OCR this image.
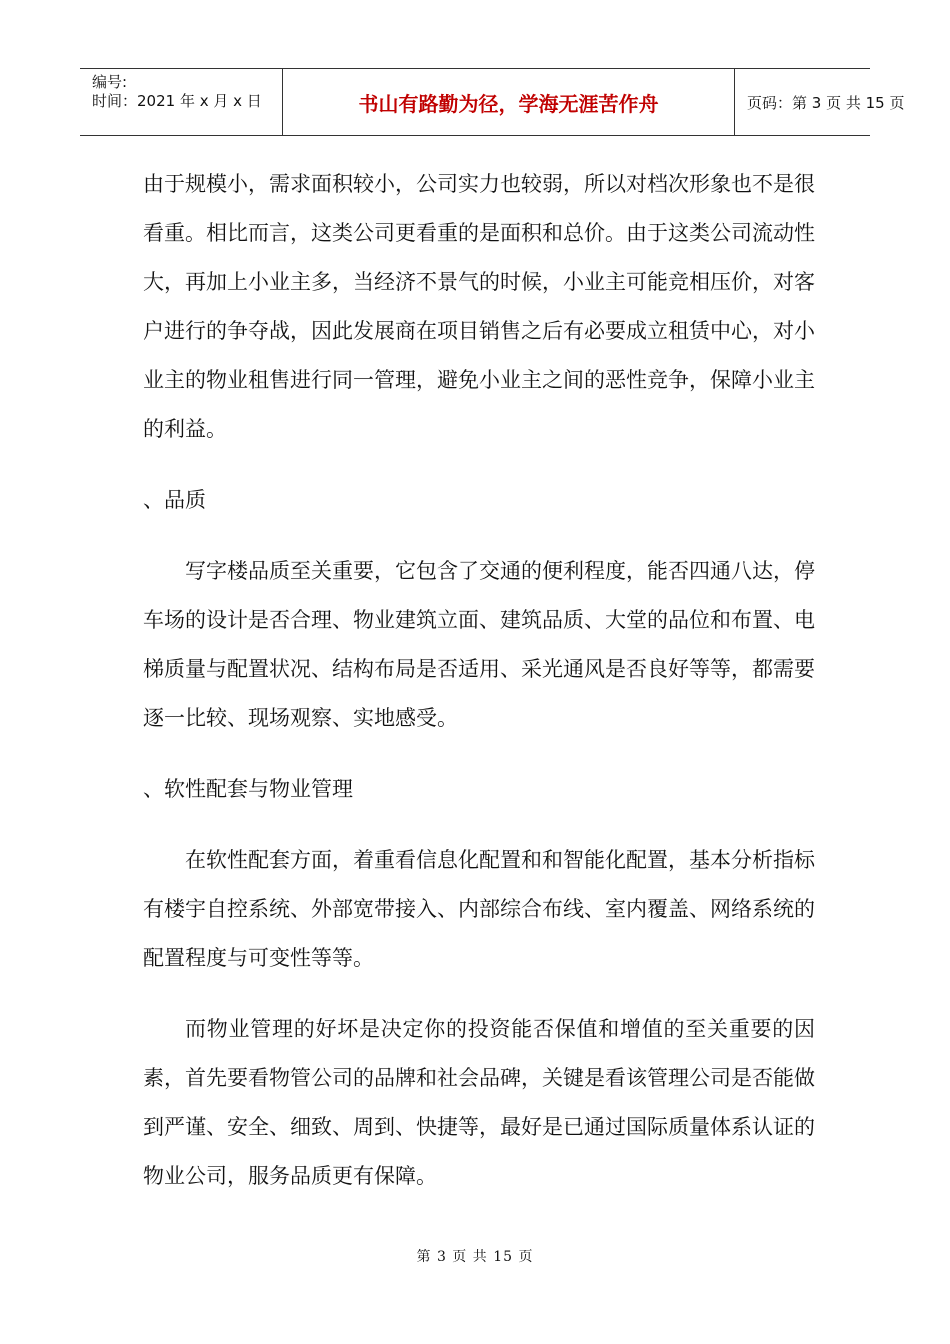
编号:
时间：2021 年 x 月 x 日	书山有路勤为径，学海无涯苦作舟	页码：第 3 页 共 15 页

由于规模小，需求面积较小，公司实力也较弱，所以对档次形象也不是很看重。相比而言，这类公司更看重的是面积和总价。由于这类公司流动性大，再加上小业主多，当经济不景气的时候，小业主可能竞相压价，对客户进行的争夺战，因此发展商在项目销售之后有必要成立租赁中心，对小业主的物业租售进行同一管理，避免小业主之间的恶性竞争，保障小业主的利益。

、品质

写字楼品质至关重要，它包含了交通的便利程度，能否四通八达，停车场的设计是否合理、物业建筑立面、建筑品质、大堂的品位和布置、电梯质量与配置状况、结构布局是否适用、采光通风是否良好等等，都需要逐一比较、现场观察、实地感受。

、软性配套与物业管理

在软性配套方面，着重看信息化配置和和智能化配置，基本分析指标有楼宇自控系统、外部宽带接入、内部综合布线、室内覆盖、网络系统的配置程度与可变性等等。

而物业管理的好坏是决定你的投资能否保值和增值的至关重要的因素，首先要看物管公司的品牌和社会品碑，关键是看该管理公司是否能做到严谨、安全、细致、周到、快捷等，最好是已通过国际质量体系认证的物业公司，服务品质更有保障。

第 3 页 共 15 页
